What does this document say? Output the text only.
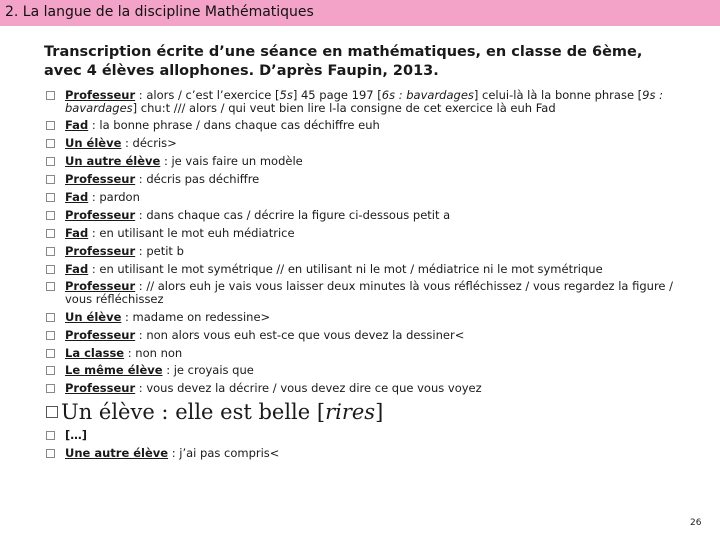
2. La langue de la discipline Mathématiques
Transcription écrite d’une séance en mathématiques, en classe de 6ème, avec 4 élèves allophones. D’après Faupin, 2013.
Professeur : alors / c’est l’exercice [5s] 45 page 197 [6s : bavardages] celui-là là la bonne phrase [9s : bavardages] chu:t /// alors / qui veut bien lire l-la consigne de cet exercice là euh Fad
Fad : la bonne phrase / dans chaque cas déchiffre euh
Un élève : décris>
Un autre élève : je vais faire un modèle
Professeur : décris pas déchiffre
Fad : pardon
Professeur : dans chaque cas / décrire la figure ci-dessous petit a
Fad : en utilisant le mot euh médiatrice
Professeur : petit b
Fad : en utilisant le mot symétrique // en utilisant ni le mot / médiatrice ni le mot symétrique
Professeur : // alors euh je vais vous laisser deux minutes là vous réfléchissez / vous regardez la figure / vous réfléchissez
Un élève : madame on redessine>
Professeur : non alors vous euh est-ce que vous devez la dessiner<
La classe : non non
Le même élève : je croyais que
Professeur : vous devez la décrire / vous devez dire ce que vous voyez
Un élève : elle est belle [ rires ]
[…]
Une autre élève : j’ai pas compris<
26
